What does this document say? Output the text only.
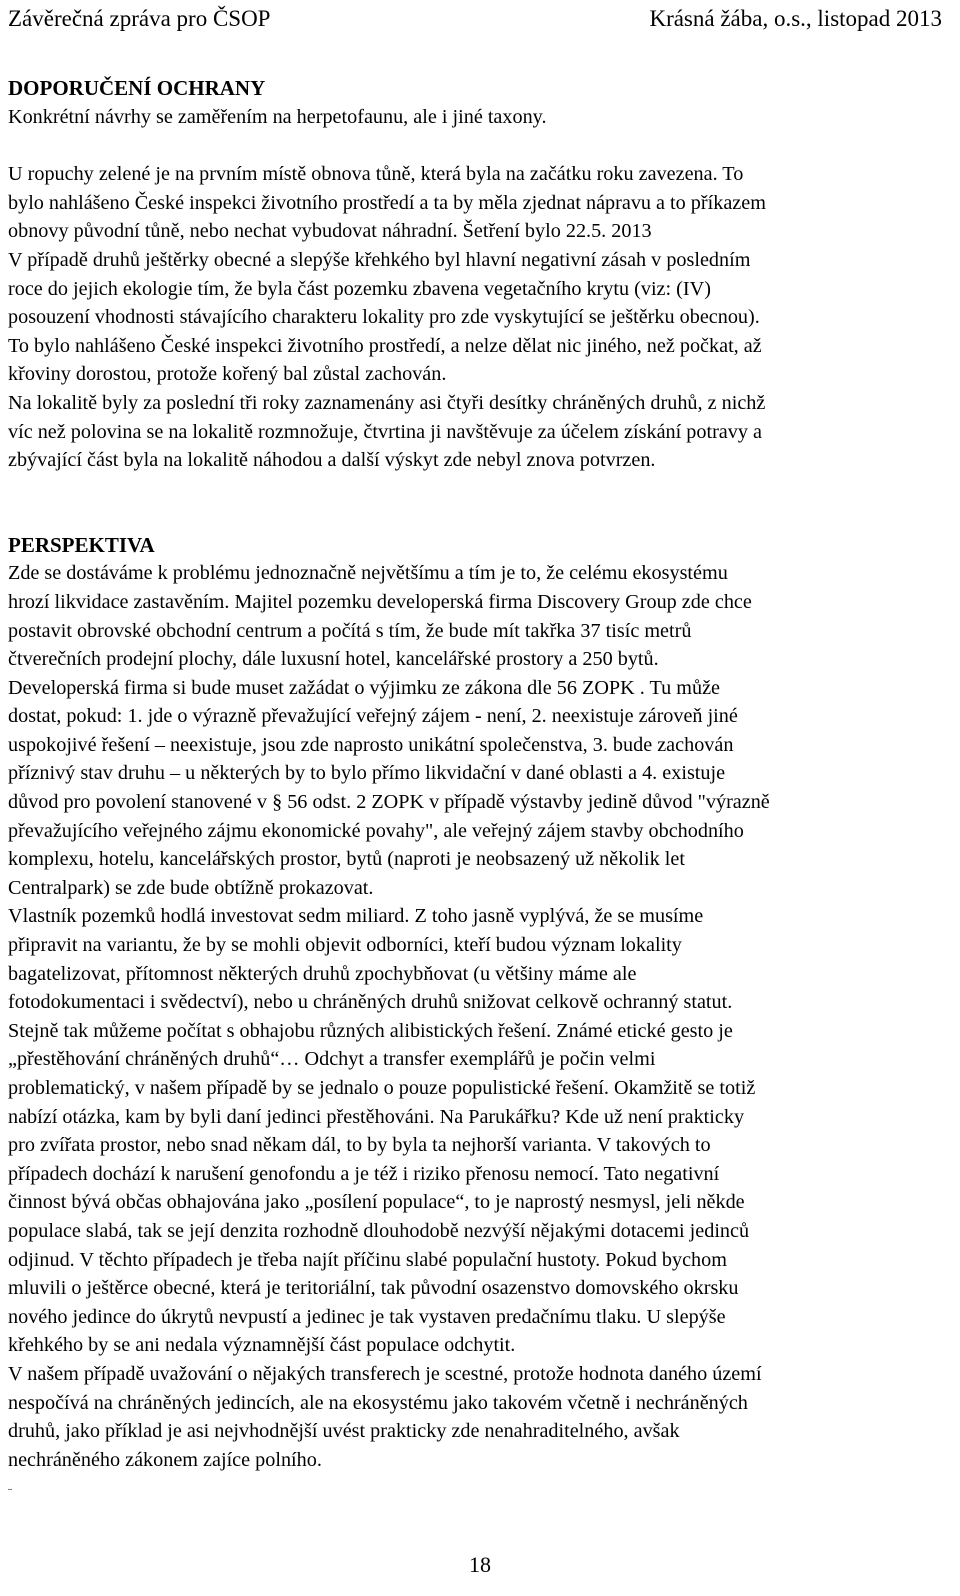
Závěrečná zpráva pro ČSOP	Krásná žába, o.s., listopad 2013
DOPORUČENÍ OCHRANY
Konkrétní návrhy se zaměřením na herpetofaunu, ale i jiné taxony.
U ropuchy zelené je na prvním místě obnova tůně, která byla na začátku roku zavezena. To
bylo nahlášeno České inspekci životního prostředí a ta by měla zjednat nápravu a to příkazem
obnovy původní tůně, nebo nechat vybudovat náhradní. Šetření bylo 22.5. 2013
V případě druhů ještěrky obecné a slepýše křehkého byl hlavní negativní zásah v posledním
roce do jejich ekologie tím, že byla část pozemku zbavena vegetačního krytu (viz: (IV)
posouzení vhodnosti stávajícího charakteru lokality pro zde vyskytující se ještěrku obecnou).
To bylo nahlášeno České inspekci životního prostředí, a nelze dělat nic jiného, než počkat, až
křoviny dorostou, protože kořený bal zůstal zachován.
Na lokalitě byly za poslední tři roky zaznamenány asi čtyři desítky chráněných druhů, z nichž
víc než polovina se na lokalitě rozmnožuje, čtvrtina ji navštěvuje za účelem získání potravy a
zbývající část byla na lokalitě náhodou a další výskyt zde nebyl znova potvrzen.
PERSPEKTIVA
Zde se dostáváme k problému jednoznačně největšímu a tím je to, že celému ekosystému
hrozí likvidace zastavěním. Majitel pozemku developerská firma Discovery Group zde chce
postavit obrovské obchodní centrum a počítá s tím, že bude mít takřka 37 tisíc metrů
čtverečních prodejní plochy, dále luxusní hotel, kancelářské prostory a 250 bytů.
Developerská firma si bude muset zažádat o výjimku ze zákona dle 56 ZOPK . Tu může
dostat, pokud: 1. jde o výrazně převažující veřejný zájem - není, 2. neexistuje zároveň jiné
uspokojivé řešení – neexistuje, jsou zde naprosto unikátní společenstva, 3. bude zachován
příznivý stav druhu – u některých by to bylo přímo likvidační v dané oblasti a 4. existuje
důvod pro povolení stanovené v § 56 odst. 2 ZOPK v případě výstavby jedině důvod "výrazně
převažujícího veřejného zájmu ekonomické povahy", ale veřejný zájem stavby obchodního
komplexu, hotelu, kancelářských prostor, bytů (naproti je neobsazený už několik let
Centralpark) se zde bude obtížně prokazovat.
Vlastník pozemků hodlá investovat sedm miliard. Z toho jasně vyplývá, že se musíme
připravit na variantu, že by se mohli objevit odborníci, kteří budou význam lokality
bagatelizovat, přítomnost některých druhů zpochybňovat (u většiny máme ale
fotodokumentaci i svědectví), nebo u chráněných druhů snižovat celkově ochranný statut.
Stejně tak můžeme počítat s obhajobu různých alibistických řešení. Známé etické gesto je
„přestěhování chráněných druhů“… Odchyt a transfer exemplářů je počin velmi
problematický, v našem případě by se jednalo o pouze populistické řešení. Okamžitě se totiž
nabízí otázka, kam by byli daní jedinci přestěhováni. Na Parukářku? Kde už není prakticky
pro zvířata prostor, nebo snad někam dál, to by byla ta nejhorší varianta. V takových to
případech dochází k narušení genofondu a je též i riziko přenosu nemocí. Tato negativní
činnost bývá občas obhajována jako „posílení populace“, to je naprostý nesmysl, jeli někde
populace slabá, tak se její denzita rozhodně dlouhodobě nezvýší nějakými dotacemi jedinců
odjinud. V těchto případech je třeba najít příčinu slabé populační hustoty. Pokud bychom
mluvili o ještěrce obecné, která je teritoriální, tak původní osazenstvo domovského okrsku
nového jedince do úkrytů nevpustí a jedinec je tak vystaven predačnímu tlaku. U slepýše
křehkého by se ani nedala významnější část populace odchytit.
V našem případě uvažování o nějakých transferech je scestné, protože hodnota daného území
nespočívá na chráněných jedincích, ale na ekosystému jako takovém včetně i nechráněných
druhů, jako příklad je asi nejvhodnější uvést prakticky zde nenahraditelného, avšak
nechráněného zákonem zajíce polního.
¨
18
